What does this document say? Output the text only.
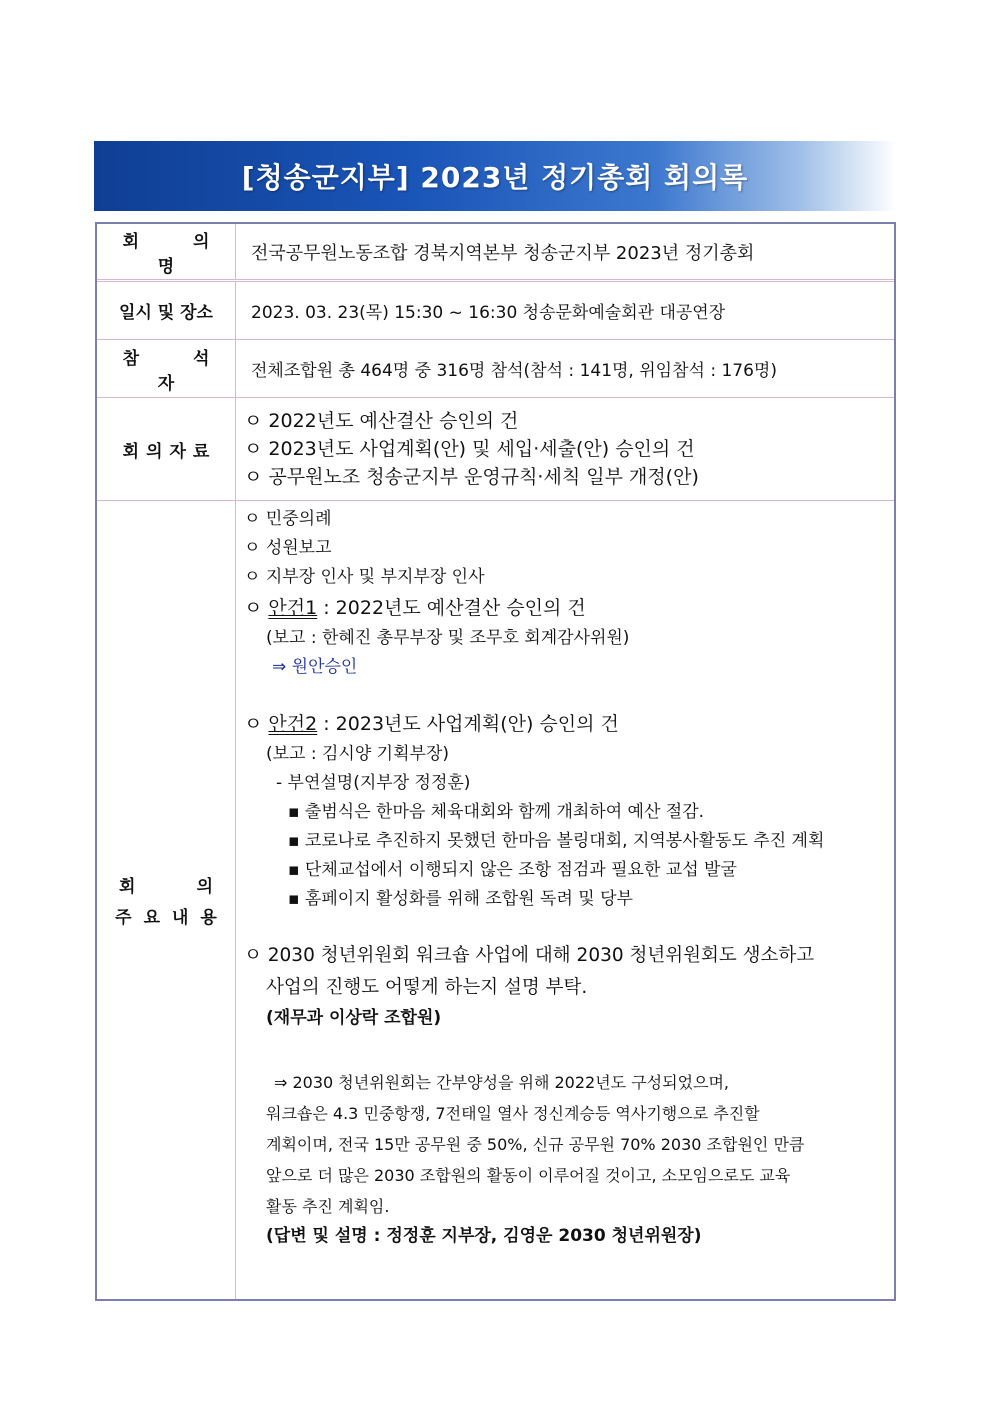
[청송군지부] 2023년 정기총회 회의록
회 의 명
전국공무원노동조합 경북지역본부 청송군지부 2023년 정기총회
일시 및 장소	2023. 03. 23(목) 15:30 ~ 16:30 청송문화예술회관 대공연장
참 석 자
전체조합원 총 464명 중 316명 참석(참석 : 141명, 위임참석 : 176명)
회의자료
ㅇ 2022년도 예산결산 승인의 건
ㅇ 2023년도 사업계획(안) 및 세입·세출(안) 승인의 건
ㅇ 공무원노조 청송군지부 운영규칙·세칙 일부 개정(안)
회	의
주요내용
ㅇ 민중의례
ㅇ 성원보고
ㅇ 지부장 인사 및 부지부장 인사
ㅇ 안건1 : 2022년도 예산결산 승인의 건
(보고 : 한혜진 총무부장 및 조무호 회계감사위원)
⇒ 원안승인
ㅇ 안건2 : 2023년도 사업계획(안) 승인의 건
(보고 : 김시양 기획부장)
- 부연설명(지부장 정정훈)
▪ 출범식은 한마음 체육대회와 함께 개최하여 예산 절감.
▪ 코로나로 추진하지 못했던 한마음 볼링대회, 지역봉사활동도 추진 계획
▪ 단체교섭에서 이행되지 않은 조항 점검과 필요한 교섭 발굴
▪ 홈페이지 활성화를 위해 조합원 독려 및 당부
ㅇ 2030 청년위원회 워크숍 사업에 대해 2030 청년위원회도 생소하고
사업의 진행도 어떻게 하는지 설명 부탁.
(재무과 이상락 조합원)
⇒ 2030 청년위원회는 간부양성을 위해 2022년도 구성되었으며,
워크숍은 4.3 민중항쟁, 7전태일 열사 정신계승등 역사기행으로 추진할
계획이며, 전국 15만 공무원 중 50%, 신규 공무원 70% 2030 조합원인 만큼
앞으로 더 많은 2030 조합원의 활동이 이루어질 것이고, 소모임으로도 교육
활동 추진 계획임.
(답변 및 설명 : 정정훈 지부장, 김영운 2030 청년위원장)
